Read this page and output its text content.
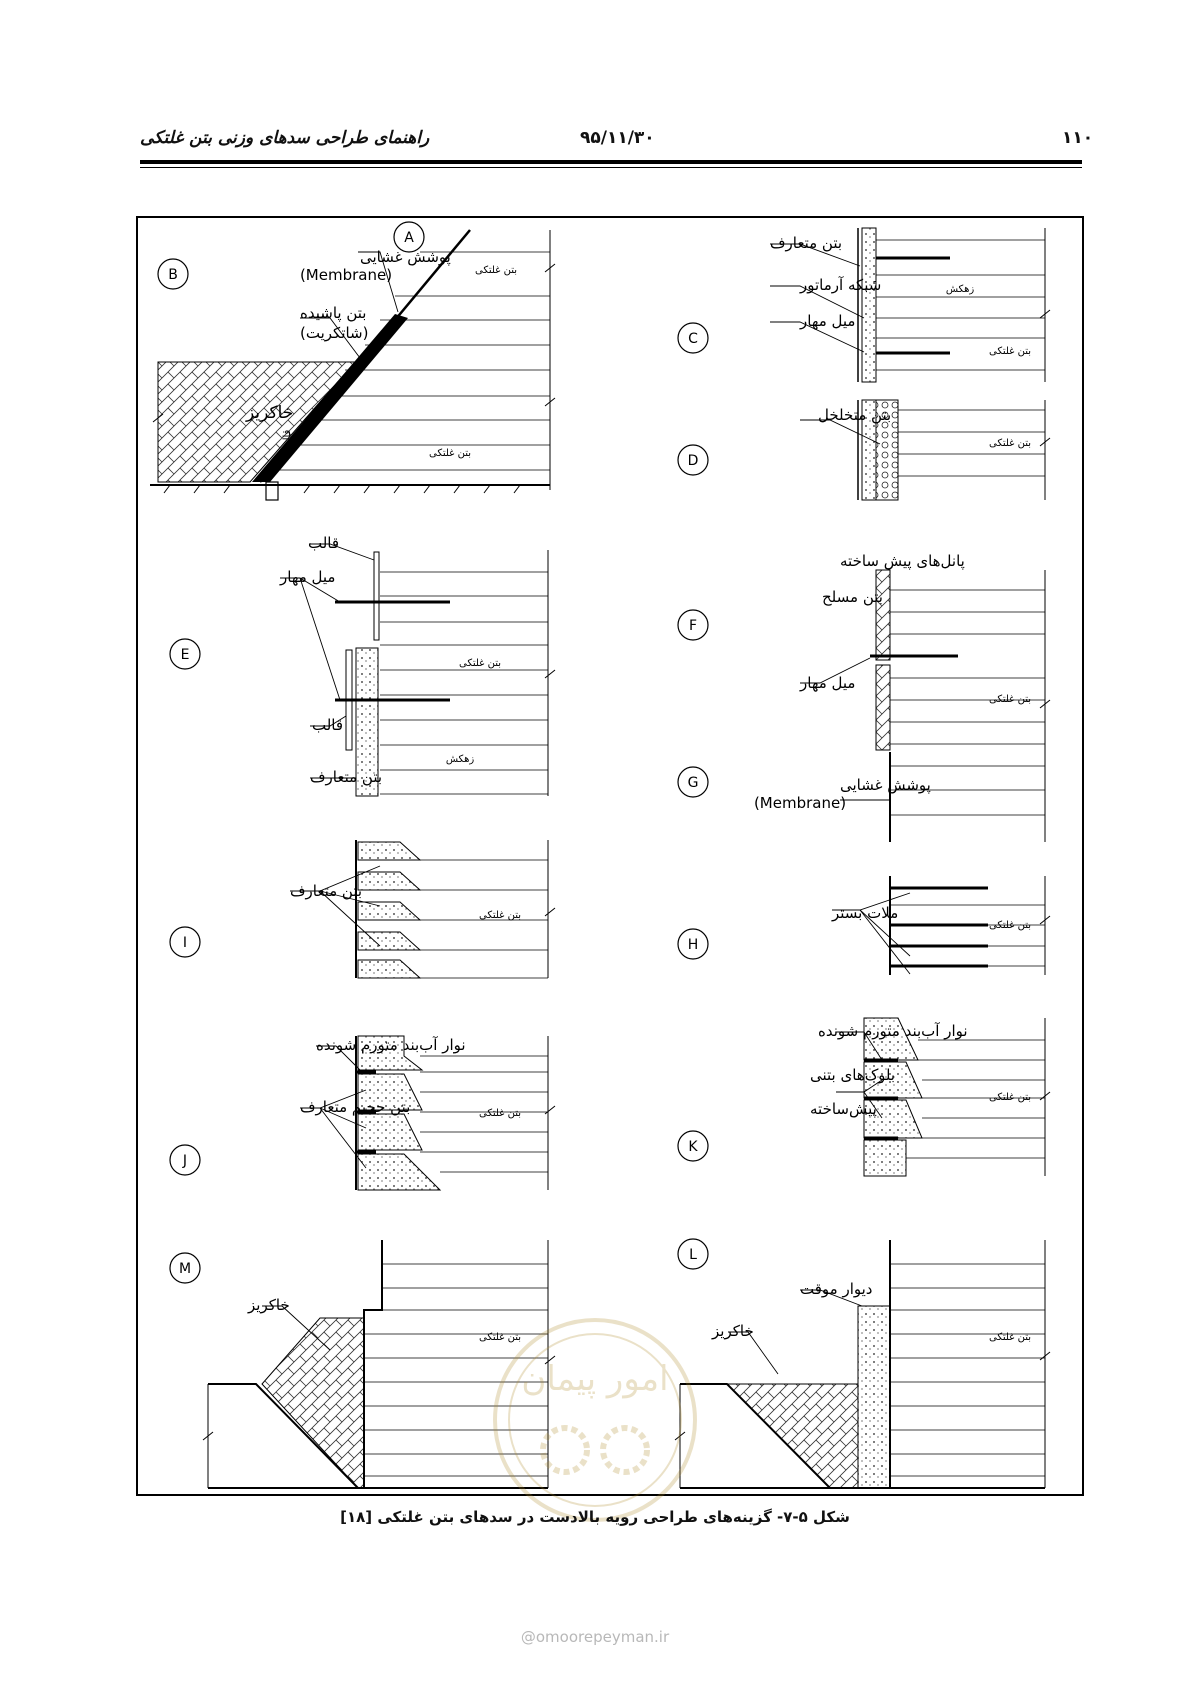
راهنمای طراحی سدهای وزنی بتن غلتکی	۹۵/۱۱/۳۰	۱۱۰
A
B
C
D
E
F
G
I	H
J
K
L
M
پوشش غشایی
(Membrane)
بتن پاشیده
(شاتکریت)
خاکریز
بتن متعارف
شبکه آرماتور
میل مهار
بتن متخلخل
قالب
میل مهار
قالب
بتن متعارف
پانل‌های پیش ساخته
بتن مسلح
میل مهار
پوشش غشایی
(Membrane)
بتن متعارف
ملات بستر
نوار آب‌بند متورم شونده
بتن حجیم متعارف
نوار آب‌بند متورم شونده
بلوک‌های بتنی
پیش‌ساخته
خاکریز
دیوار موقت
خاکریز
بتن غلتکی
بتن غلتکی
بتن غلتکی
زهکش
بتن غلتکی
بتن غلتکی
زهکش
بتن غلتکی
بتن غلتکی
بتن غلتکی
بتن غلتکی
بتن غلتکی
بتن غلتکی	بتن غلتکی
قالب
امور پیمان
شکل ۵-۷- گزینه‌های طراحی رویه بالادست در سدهای بتن غلتکی [۱۸]
@omoorepeyman.ir
